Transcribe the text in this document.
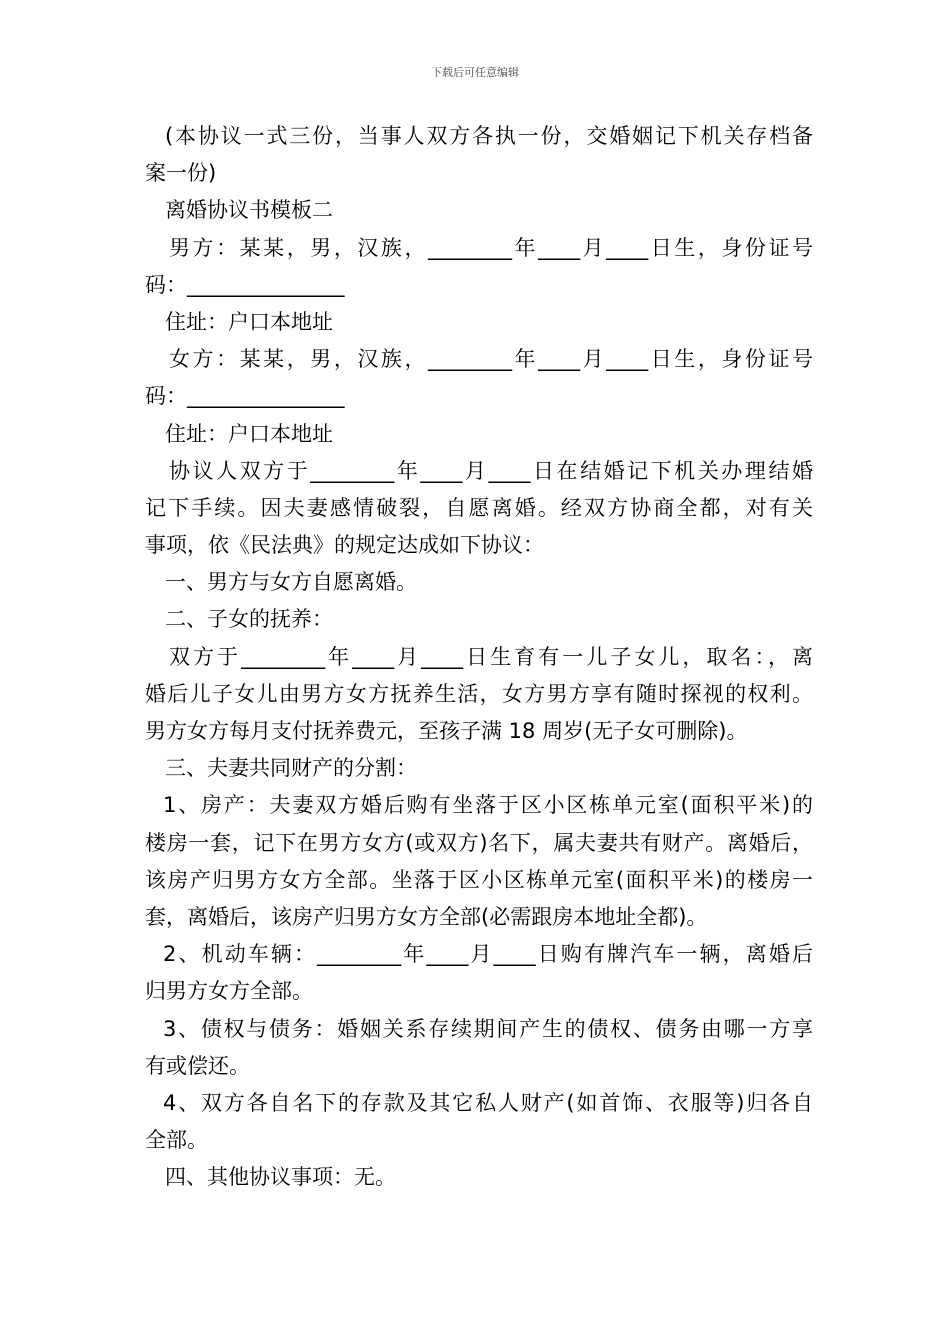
下载后可任意编辑
(本协议一式三份，当事人双方各执一份，交婚姻记下机关存档备
案一份)
离婚协议书模板二
男方：某某，男，汉族，________年____月____日生，身份证号
码：_______________
住址：户口本地址
女方：某某，男，汉族，________年____月____日生，身份证号
码：_______________
住址：户口本地址
协议人双方于________年____月____日在结婚记下机关办理结婚
记下手续。因夫妻感情破裂，自愿离婚。经双方协商全都，对有关
事项，依《民法典》的规定达成如下协议：
一、男方与女方自愿离婚。
二、子女的抚养：
双方于________年____月____日生育有一儿子女儿，取名：，离
婚后儿子女儿由男方女方抚养生活，女方男方享有随时探视的权利。
男方女方每月支付抚养费元，至孩子满 18 周岁(无子女可删除)。
三、夫妻共同财产的分割：
1、房产：夫妻双方婚后购有坐落于区小区栋单元室(面积平米)的
楼房一套，记下在男方女方(或双方)名下，属夫妻共有财产。离婚后，
该房产归男方女方全部。坐落于区小区栋单元室(面积平米)的楼房一
套，离婚后，该房产归男方女方全部(必需跟房本地址全都)。
2、机动车辆：________年____月____日购有牌汽车一辆，离婚后
归男方女方全部。
3、债权与债务：婚姻关系存续期间产生的债权、债务由哪一方享
有或偿还。
4、双方各自名下的存款及其它私人财产(如首饰、衣服等)归各自
全部。
四、其他协议事项：无。
